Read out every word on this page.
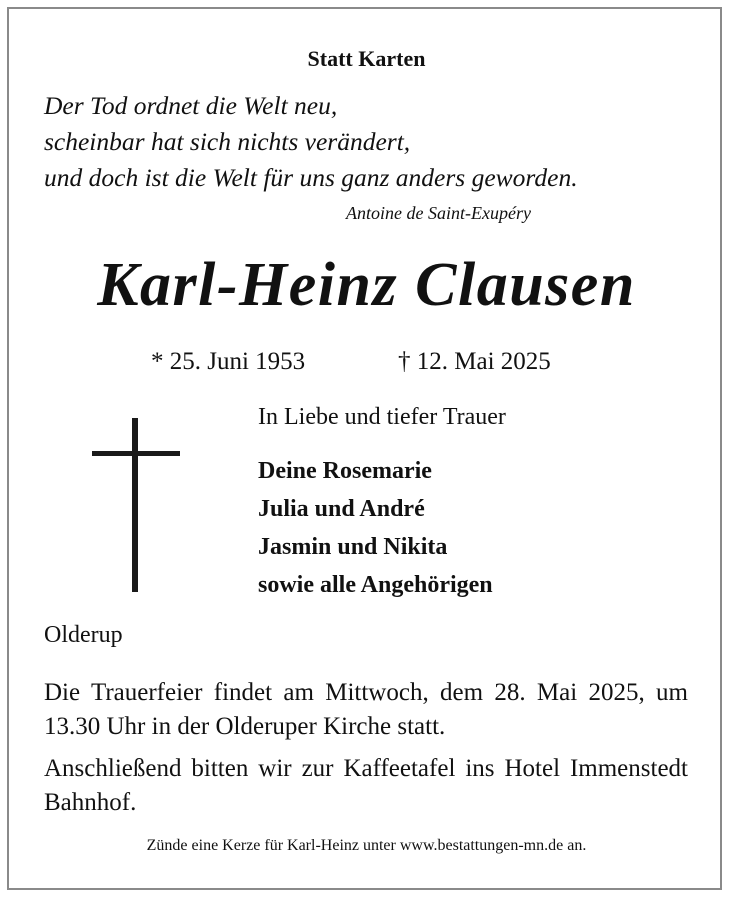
Statt Karten
Der Tod ordnet die Welt neu,
scheinbar hat sich nichts verändert,
und doch ist die Welt für uns ganz anders geworden.
Antoine de Saint-Exupéry
Karl-Heinz Clausen
* 25. Juni 1953	† 12. Mai 2025
In Liebe und tiefer Trauer
Deine Rosemarie
Julia und André
Jasmin und Nikita
sowie alle Angehörigen
Olderup
Die Trauerfeier findet am Mittwoch, dem 28. Mai 2025, um 13.30 Uhr in der Olderuper Kirche statt.
Anschließend bitten wir zur Kaffeetafel ins Hotel Immenstedt Bahnhof.
Zünde eine Kerze für Karl-Heinz unter www.bestattungen-mn.de an.
